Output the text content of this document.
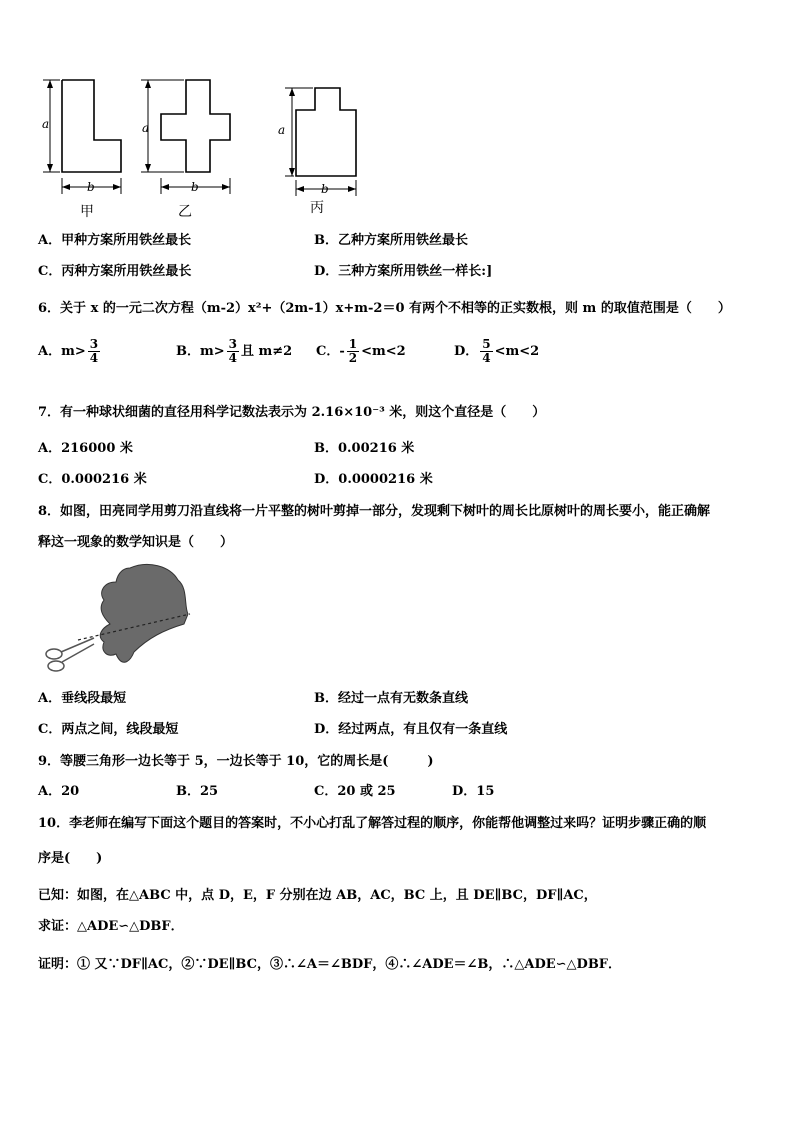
a
b
甲
a
b
乙
a
b
丙
A．甲种方案所用铁丝最长	B．乙种方案所用铁丝最长
C．丙种方案所用铁丝最长	D．三种方案所用铁丝一样长:]
6．关于 x 的一元二次方程（m-2）x²+（2m-1）x+m-2＝0 有两个不相等的正实数根，则 m 的取值范围是（　　）
A．$m> \frac{3}{4}$	B．$m> \frac{3}{4}$ 且 m≠2 C．- $\frac{1}{2} <m<2$	D． $\frac{5}{4} <m<2$
7．有一种球状细菌的直径用科学记数法表示为 2.16×10⁻³ 米，则这个直径是（　　）
A．216000 米	B．0.00216 米
C．0.000216 米	D．0.0000216 米
8．如图，田亮同学用剪刀沿直线将一片平整的树叶剪掉一部分，发现剩下树叶的周长比原树叶的周长要小，能正确解
释这一现象的数学知识是（　　）
A．垂线段最短	B．经过一点有无数条直线
C．两点之间，线段最短	D．经过两点，有且仅有一条直线
9．等腰三角形一边长等于 5，一边长等于 10，它的周长是(　　　)
A．20	B．25	C．20 或 25	D．15
10．李老师在编写下面这个题目的答案时，不小心打乱了解答过程的顺序，你能帮他调整过来吗？证明步骤正确的顺
序是(　　)
已知：如图，在△ABC 中，点 D，E，F 分别在边 AB，AC，BC 上，且 DE∥BC，DF∥AC，
求证：△ADE∽△DBF．
证明：① 又∵DF∥AC，②∵DE∥BC，③∴∠A＝∠BDF，④∴∠ADE＝∠B，∴△ADE∽△DBF．
